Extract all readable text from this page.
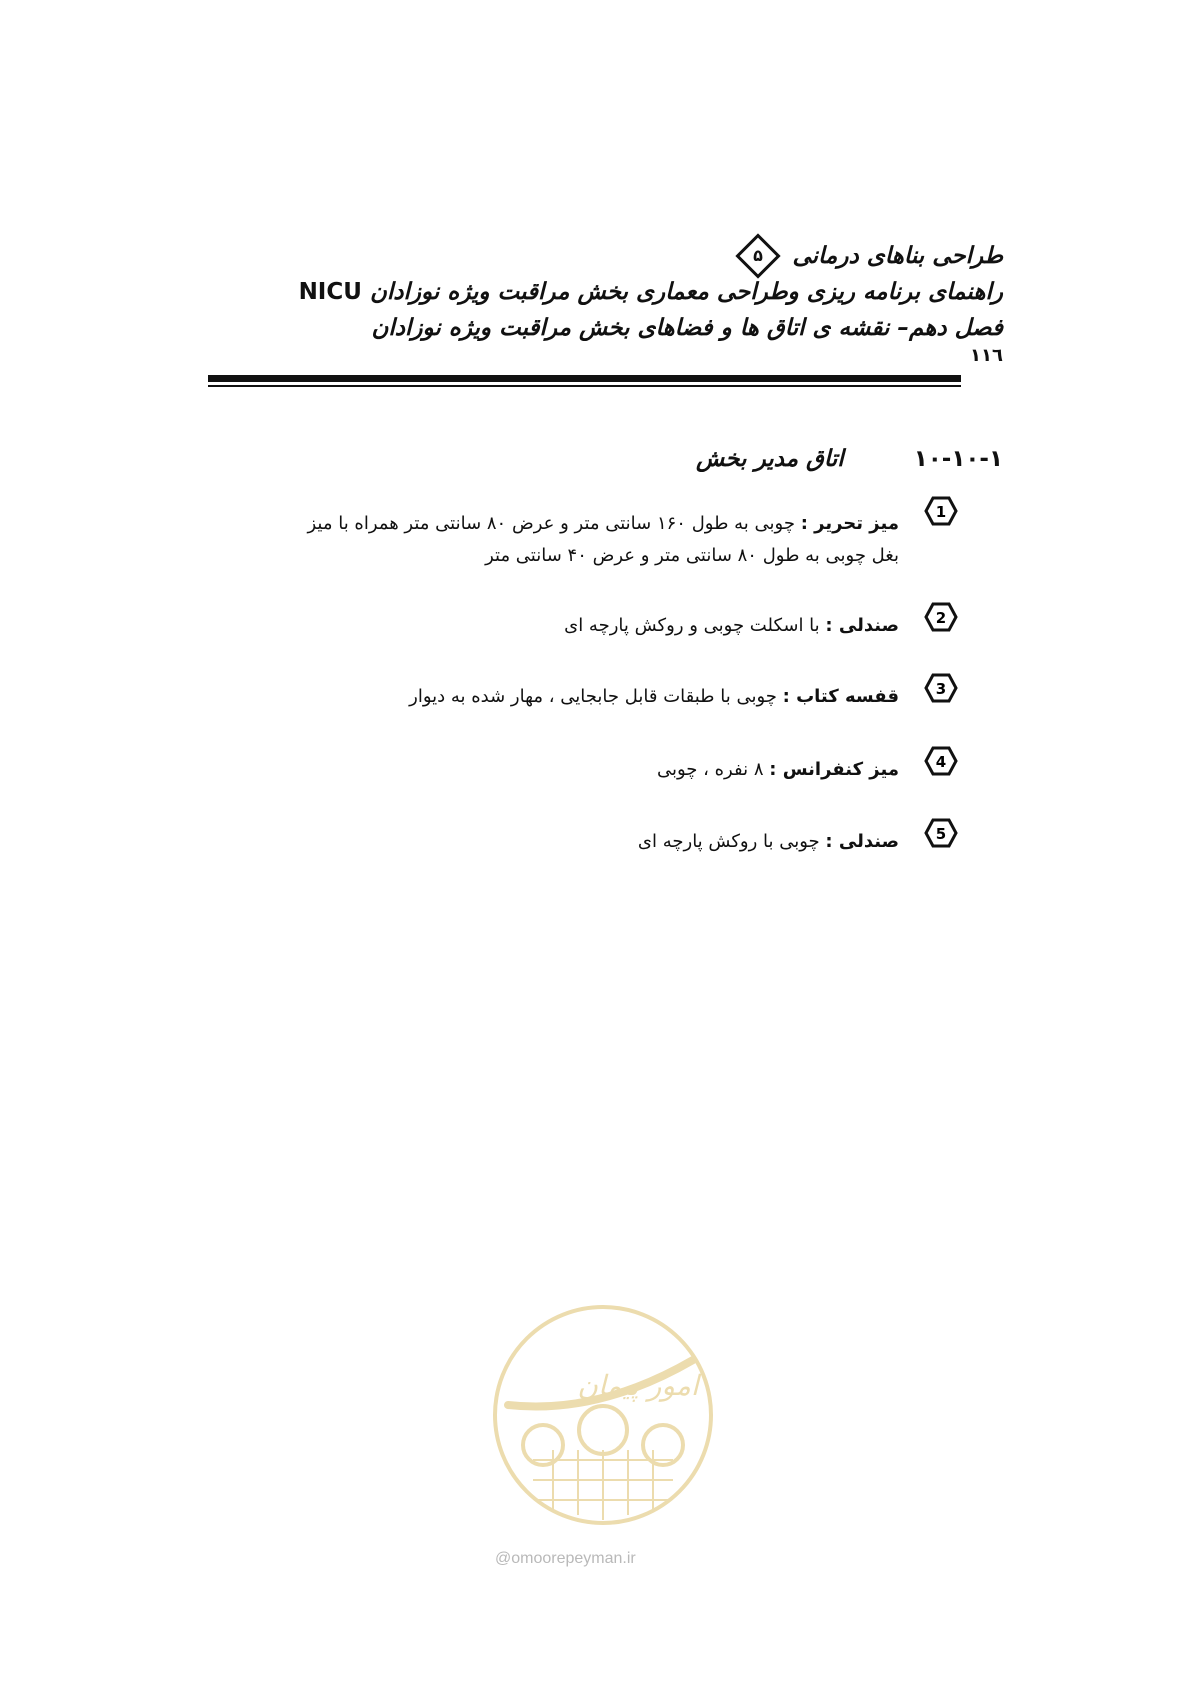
طراحی بناهای درمانی
۵
راهنمای برنامه ریزی وطراحی معماری بخش مراقبت ویژه نوزادان NICU
فصل دهم– نقشه ی اتاق ها و فضاهای بخش مراقبت ویژه نوزادان
۱۱٦
۱۰-۱۰-۱
اتاق مدیر بخش
1
میز تحریر : چوبی به طول ۱۶۰ سانتی متر و عرض ۸۰ سانتی متر همراه با میز بغل چوبی به طول ۸۰ سانتی متر و عرض ۴۰ سانتی متر
2
صندلی : با اسکلت چوبی و روکش پارچه ای
3
قفسه کتاب : چوبی با طبقات قابل جابجایی ، مهار شده به دیوار
4
میز کنفرانس : ۸ نفره ، چوبی
5
صندلی : چوبی با روکش پارچه ای
امور پیمان
@omoorepeyman.ir
